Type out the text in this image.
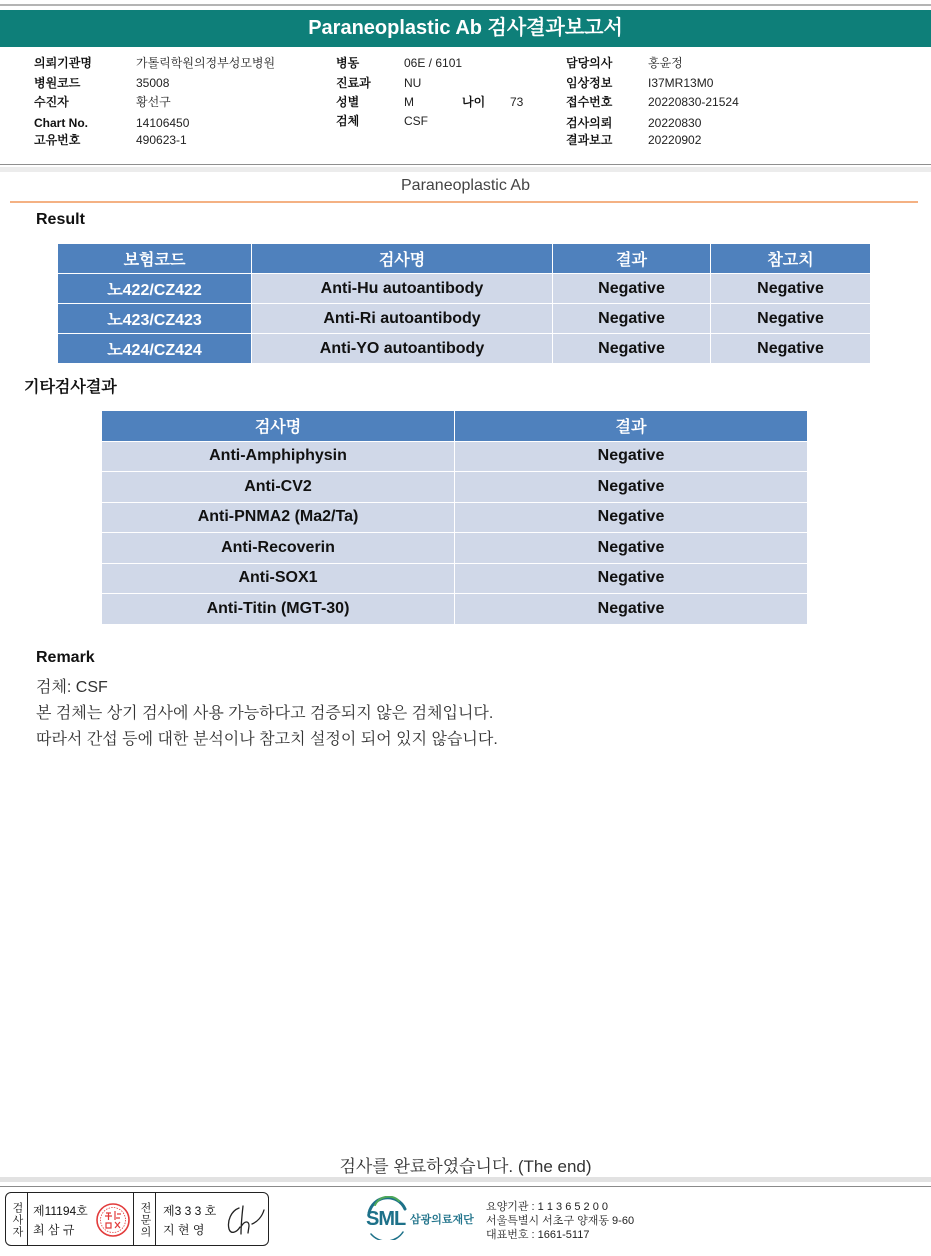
Paraneoplastic Ab 검사결과보고서
의뢰기관명	가톨릭학원의정부성모병원
병원코드	35008
수진자	황선구
Chart No.	14106450
고유번호	490623-1
병동	06E / 6101
진료과	NU
성별	M	나이 73
검체	CSF
담당의사	홍윤정
임상정보	I37MR13M0
접수번호	20220830-21524
검사의뢰	20220830
결과보고	20220902
Paraneoplastic Ab
Result
보험코드	검사명	결과	참고치
노422/CZ422	Anti-Hu autoantibody	Negative	Negative
노423/CZ423	Anti-Ri autoantibody	Negative	Negative
노424/CZ424	Anti-YO autoantibody	Negative	Negative
기타검사결과
검사명	결과
Anti-Amphiphysin	Negative
Anti-CV2	Negative
Anti-PNMA2 (Ma2/Ta)	Negative
Anti-Recoverin	Negative
Anti-SOX1	Negative
Anti-Titin (MGT-30)	Negative
Remark
검체: CSF
본 검체는 상기 검사에 사용 가능하다고 검증되지 않은 검체입니다.
따라서 간섭 등에 대한 분석이나 참고치 설정이 되어 있지 않습니다.
검사를 완료하였습니다. (The end)
검사자 제11194호
최 삼 규	전문의	제3 3 3 호
지 현 영	SML 삼광의료재단
요양기관 : 1 1 3 6 5 2 0 0
서울특별시 서초구 양재동 9-60
대표번호 : 1661-5117
